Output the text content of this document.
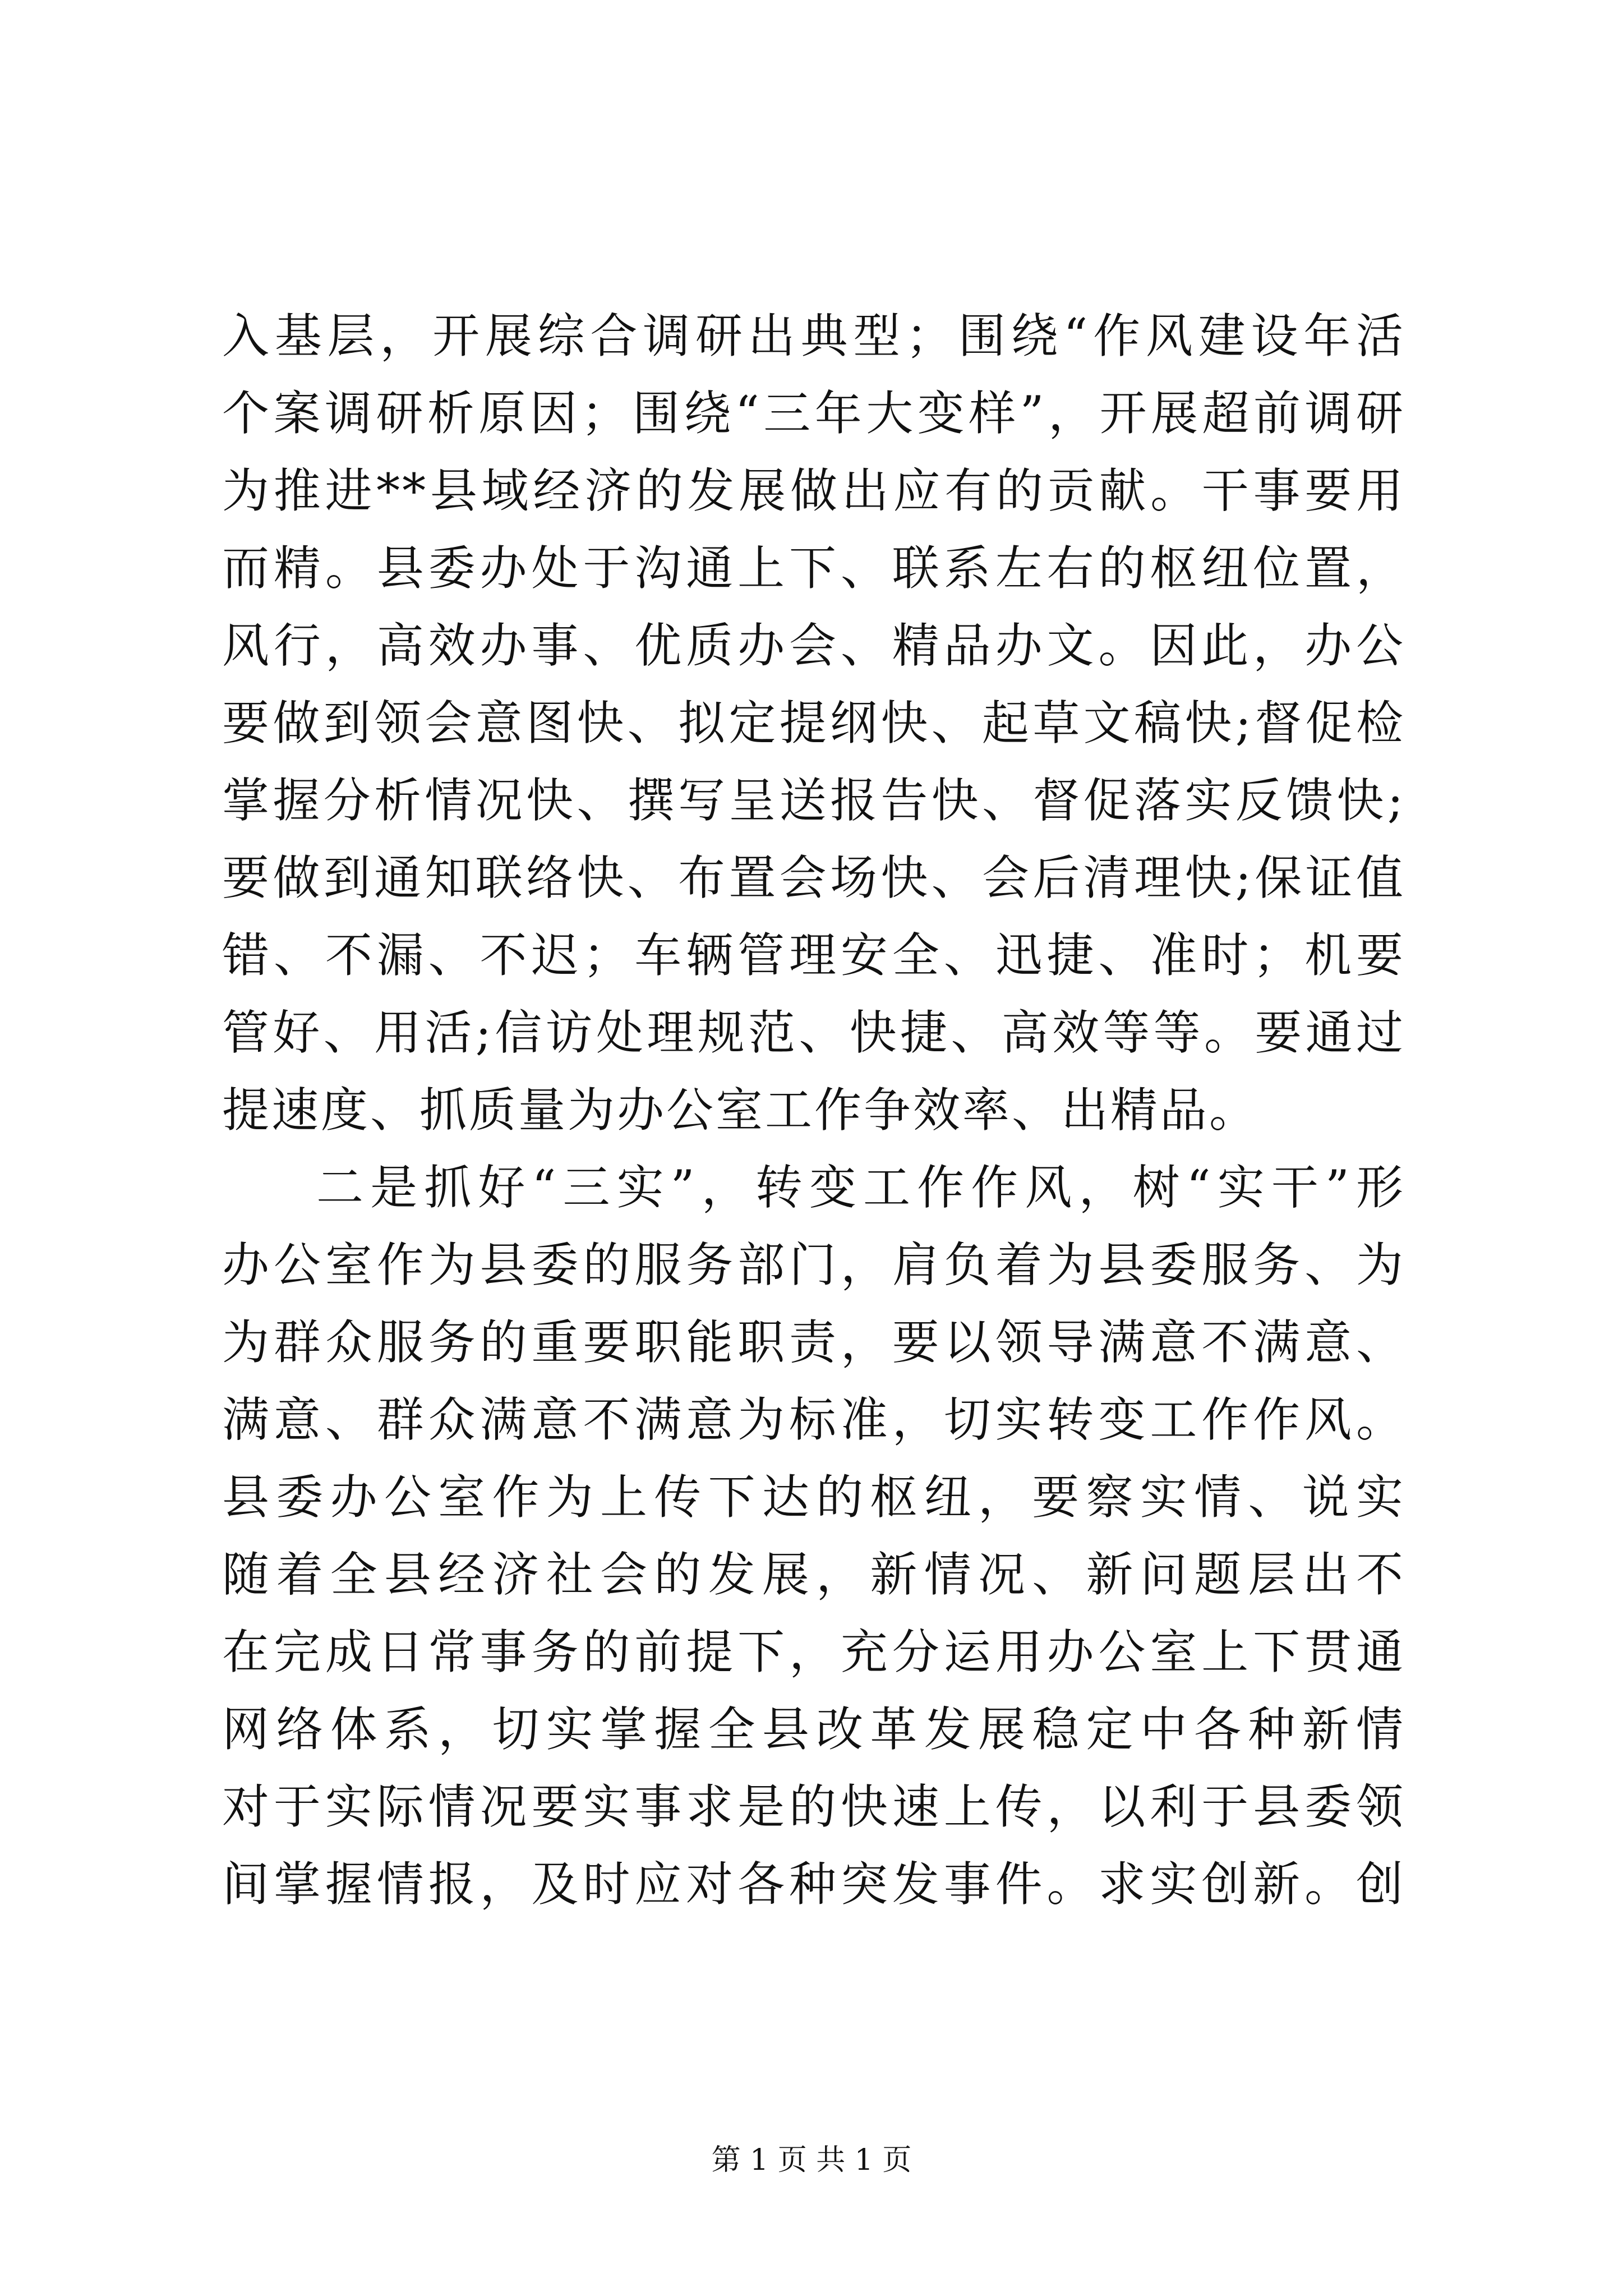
入基层，开展综合调研出典型；围绕“作风建设年活
个案调研析原因；围绕“三年大变样”，开展超前调研
为推进**县域经济的发展做出应有的贡献。干事要用
而精。县委办处于沟通上下、联系左右的枢纽位置，
风行，高效办事、优质办会、精品办文。因此，办公
要做到领会意图快、拟定提纲快、起草文稿快;督促检
掌握分析情况快、撰写呈送报告快、督促落实反馈快;
要做到通知联络快、布置会场快、会后清理快;保证值
错、不漏、不迟；车辆管理安全、迅捷、准时；机要
管好、用活;信访处理规范、快捷、高效等等。要通过
提速度、抓质量为办公室工作争效率、出精品。
二是抓好“三实”，转变工作作风，树“实干”形
办公室作为县委的服务部门，肩负着为县委服务、为
为群众服务的重要职能职责，要以领导满意不满意、
满意、群众满意不满意为标准，切实转变工作作风。
县委办公室作为上传下达的枢纽，要察实情、说实
随着全县经济社会的发展，新情况、新问题层出不
在完成日常事务的前提下，充分运用办公室上下贯通
网络体系，切实掌握全县改革发展稳定中各种新情
对于实际情况要实事求是的快速上传，以利于县委领
间掌握情报，及时应对各种突发事件。求实创新。创
第 1 页 共 1 页
